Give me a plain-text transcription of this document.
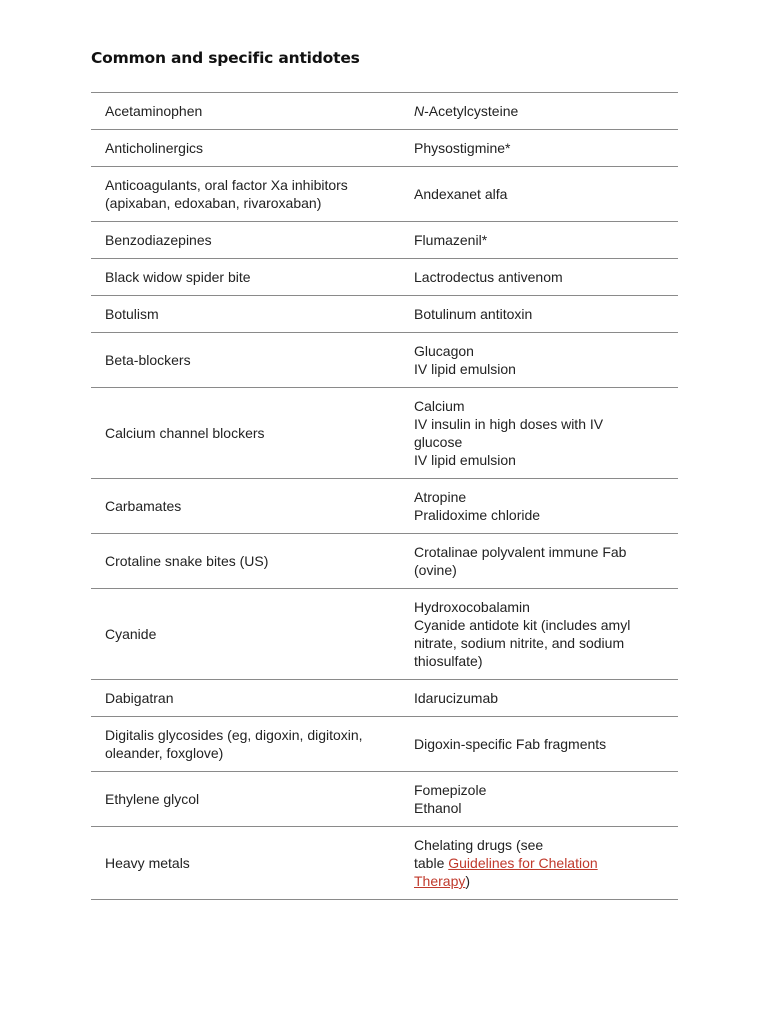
Common and specific antidotes
Acetaminophen	N-Acetylcysteine

Anticholinergics	Physostigmine*

Anticoagulants, oral factor Xa inhibitors
(apixaban, edoxaban, rivaroxaban)	Andexanet alfa

Benzodiazepines	Flumazenil*

Black widow spider bite	Lactrodectus antivenom

Botulism	Botulinum antitoxin

Beta-blockers	Glucagon
IV lipid emulsion

Calcium channel blockers	Calcium
IV insulin in high doses with IV
glucose
IV lipid emulsion

Carbamates	Atropine
Pralidoxime chloride

Crotaline snake bites (US)	Crotalinae polyvalent immune Fab
(ovine)

Cyanide	Hydroxocobalamin
Cyanide antidote kit (includes amyl
nitrate, sodium nitrite, and sodium
thiosulfate)

Dabigatran	Idarucizumab

Digitalis glycosides (eg, digoxin, digitoxin,
oleander, foxglove)	Digoxin-specific Fab fragments

Ethylene glycol	Fomepizole
Ethanol

Heavy metals	Chelating drugs (see
table Guidelines for Chelation
Therapy)
